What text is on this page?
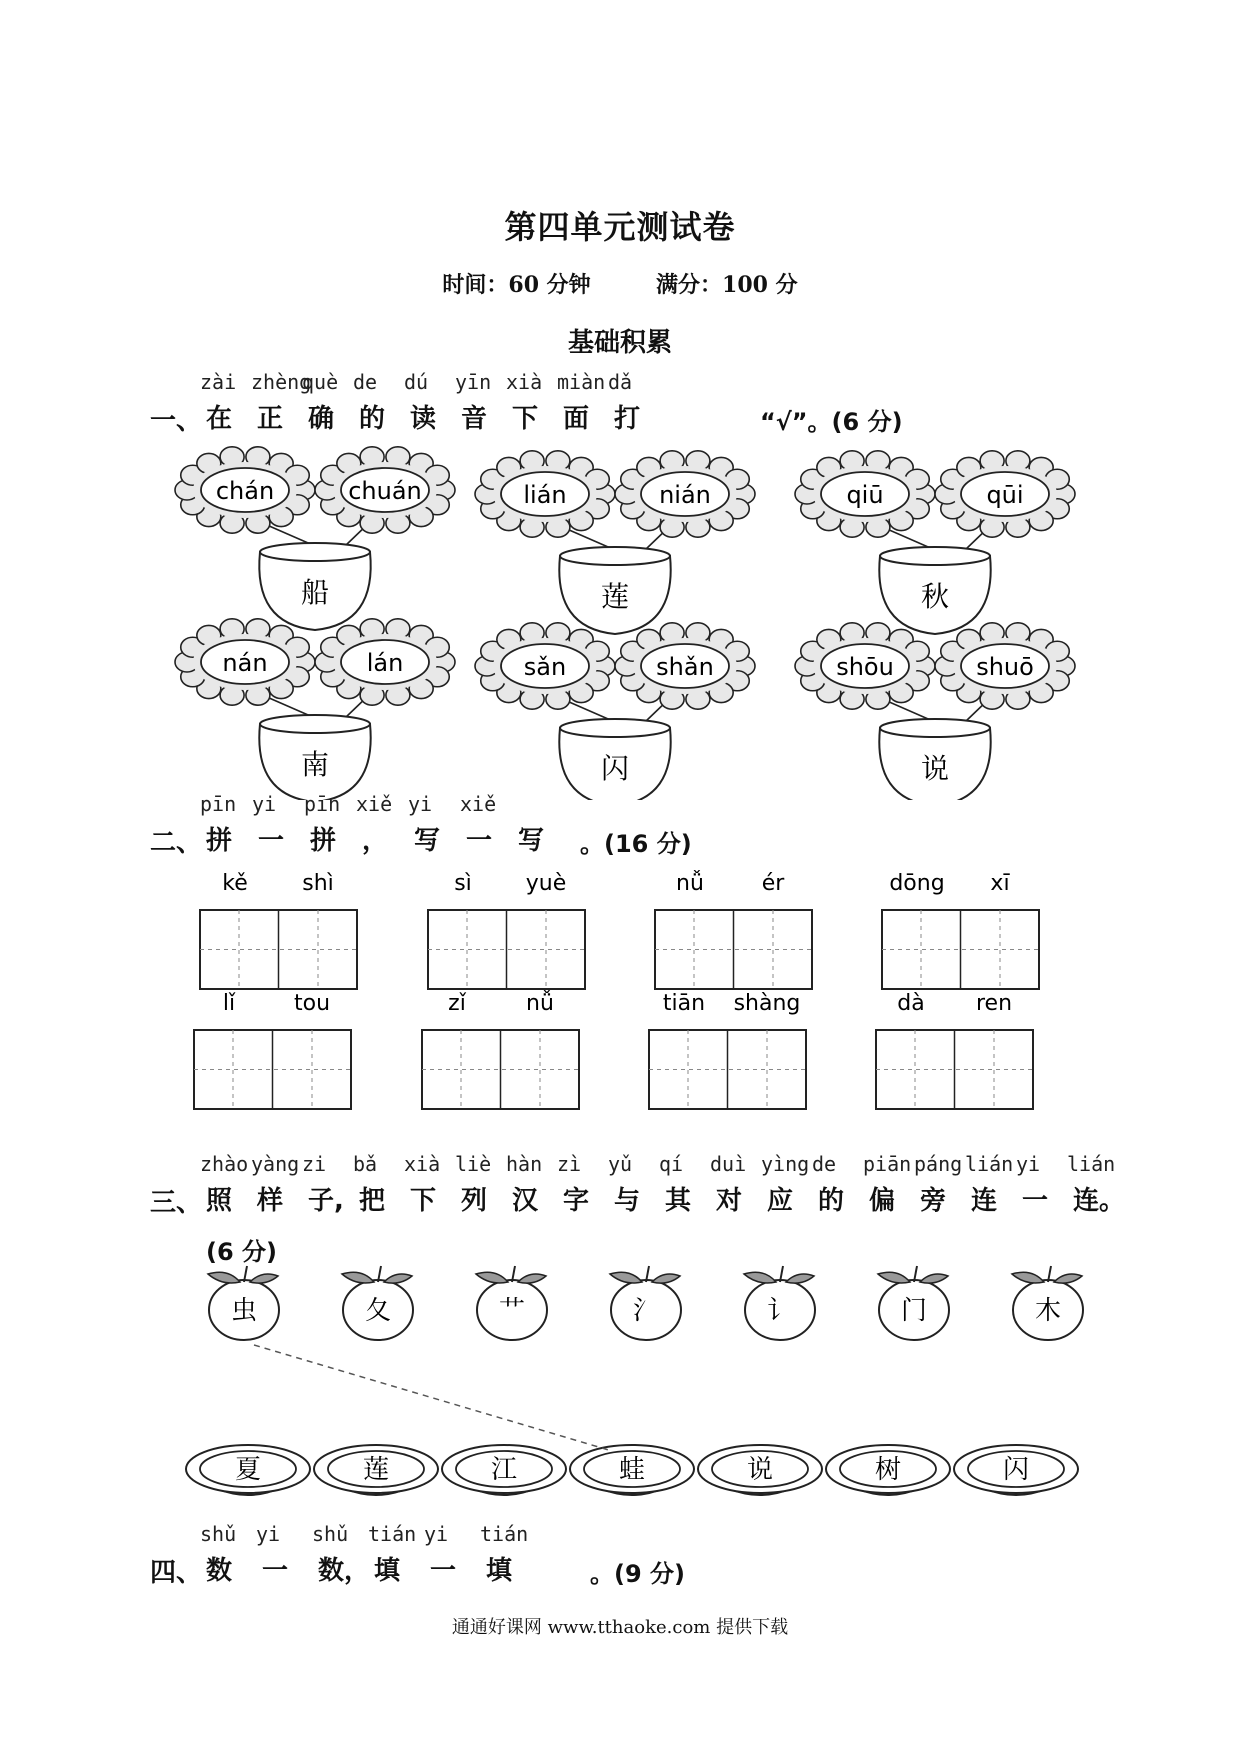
第四单元测试卷
时间：60 分钟	满分：100 分
基础积累
一、
zài
在
zhèng
正
què
确
de
的
dú
读
yīn
音
xià
下
miàn
面
dǎ
打	“√”。(6 分)
chán	chuán
船
lián	nián
莲
qiū	qūi
秋
nán	lán
南
sǎn	shǎn
闪
shōu	shuō
说
二、
pīn
拼
yi
一
pīn
拼
xiě
，
yi
写
xiě
一 写 。(16 分)
kě shì	sì yuè	nǚ	ér	dōng xī
lǐ	tou	zǐ	nǚ	tiān shàng	dà ren
三、
zhào
照
yàng
样
zi
子,
bǎ
把
xià
下
liè
列
hàn
汉
zì
字
yǔ
与
qí
其
duì
对
yìng
应
de
的
piān
偏
páng
旁
lián
连
yi
一
lián
连。
(6 分)
虫	夂	艹	氵	讠	门	木
夏	莲	江	蛙	说	树	闪
四、
shǔ
数
yi
一
shǔ
数，
tián
填
yi
一
tián
填	。(9 分)
通通好课网 www.tthaoke.com 提供下载
